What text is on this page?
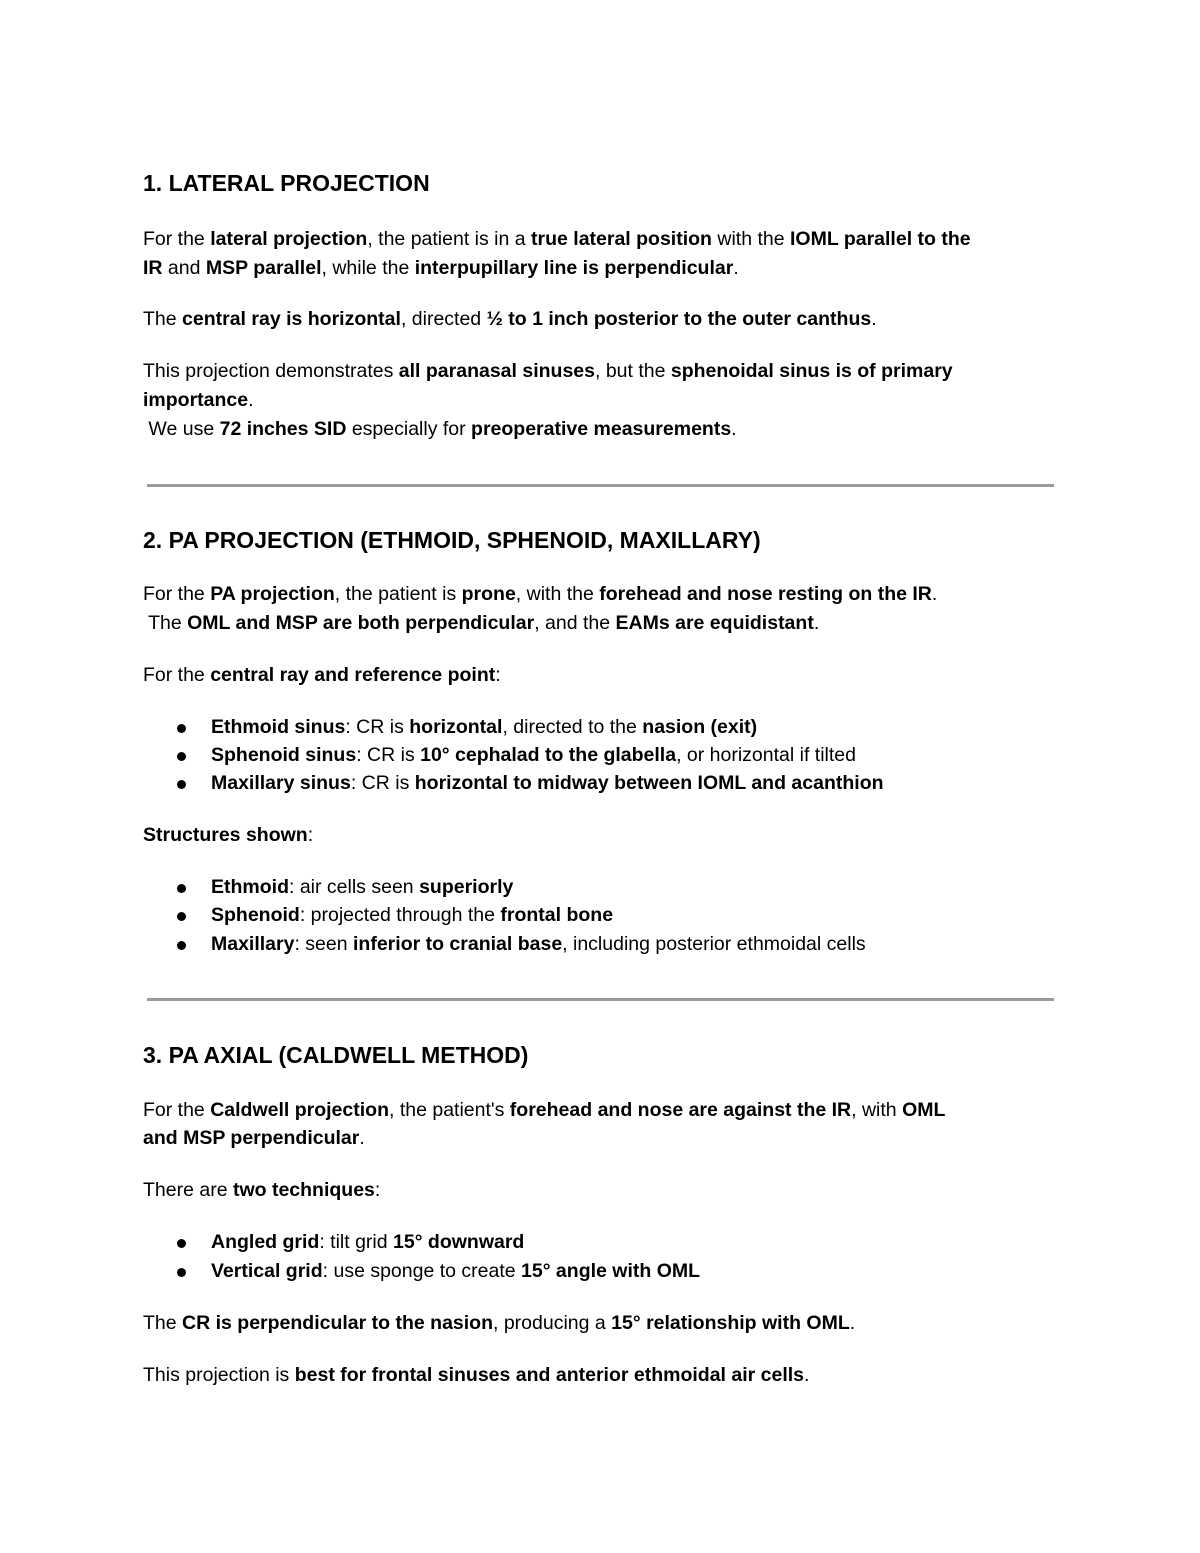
1. LATERAL PROJECTION

For the lateral projection, the patient is in a true lateral position with the IOML parallel to the

IR and MSP parallel, while the interpupillary line is perpendicular.

The central ray is horizontal, directed ½ to 1 inch posterior to the outer canthus.

This projection demonstrates all paranasal sinuses, but the sphenoidal sinus is of primary

importance.

We use 72 inches SID especially for preoperative measurements.

2. PA PROJECTION (ETHMOID, SPHENOID, MAXILLARY)

For the PA projection, the patient is prone, with the forehead and nose resting on the IR.

The OML and MSP are both perpendicular, and the EAMs are equidistant.

For the central ray and reference point:

Ethmoid sinus: CR is horizontal, directed to the nasion (exit)

Sphenoid sinus: CR is 10° cephalad to the glabella, or horizontal if tilted

Maxillary sinus: CR is horizontal to midway between IOML and acanthion

Structures shown:

Ethmoid: air cells seen superiorly

Sphenoid: projected through the frontal bone

Maxillary: seen inferior to cranial base, including posterior ethmoidal cells

3. PA AXIAL (CALDWELL METHOD)

For the Caldwell projection, the patient's forehead and nose are against the IR, with OML

and MSP perpendicular.

There are two techniques:

Angled grid: tilt grid 15° downward

Vertical grid: use sponge to create 15° angle with OML

The CR is perpendicular to the nasion, producing a 15° relationship with OML.

This projection is best for frontal sinuses and anterior ethmoidal air cells.
